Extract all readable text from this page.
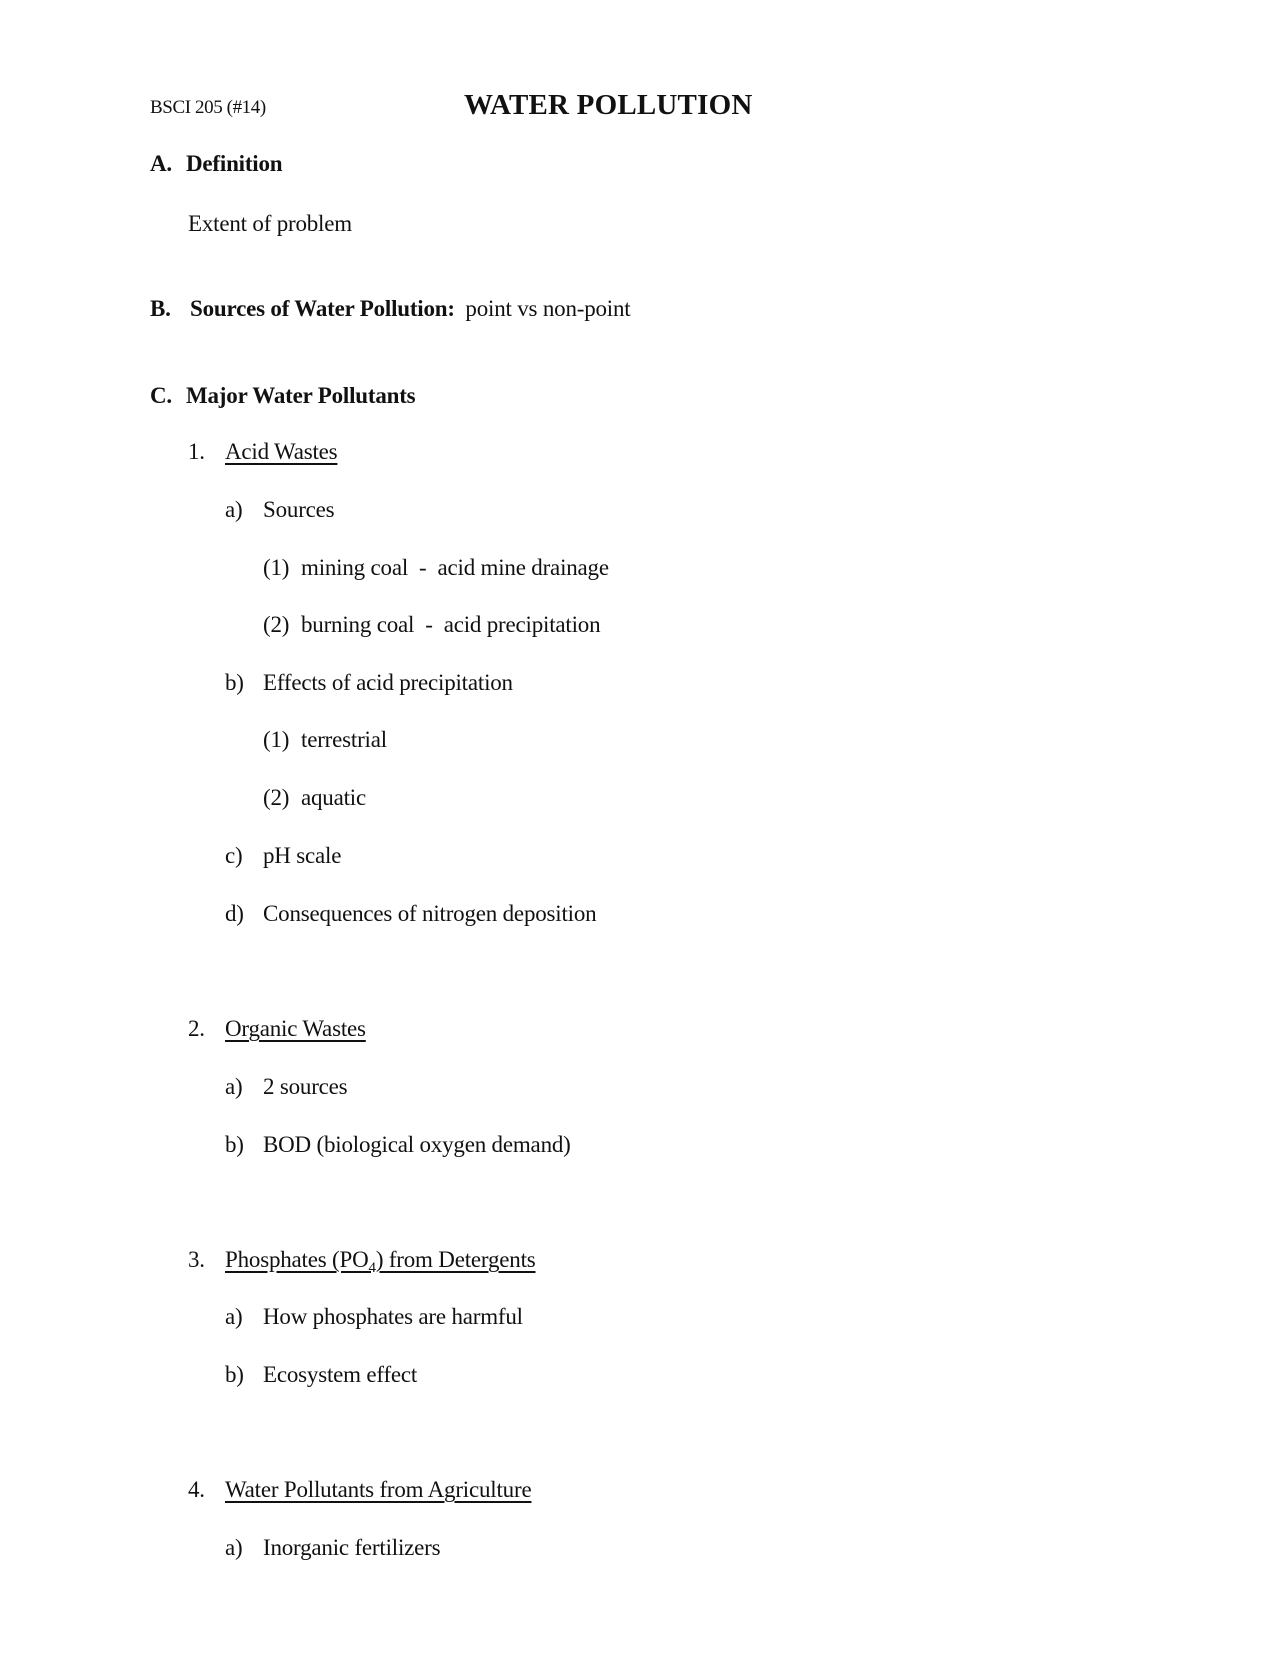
BSCI 205 (#14)	WATER POLLUTION
A. Definition
Extent of problem
B. Sources of Water Pollution: point vs non-point
C. Major Water Pollutants
1. Acid Wastes
a) Sources
(1) mining coal - acid mine drainage
(2) burning coal - acid precipitation
b) Effects of acid precipitation
(1) terrestrial
(2) aquatic
c) pH scale
d) Consequences of nitrogen deposition
2. Organic Wastes
a) 2 sources
b) BOD (biological oxygen demand)
3. Phosphates $(PO_4)$ from Detergents
a) How phosphates are harmful
b) Ecosystem effect
4. Water Pollutants from Agriculture
a) Inorganic fertilizers
